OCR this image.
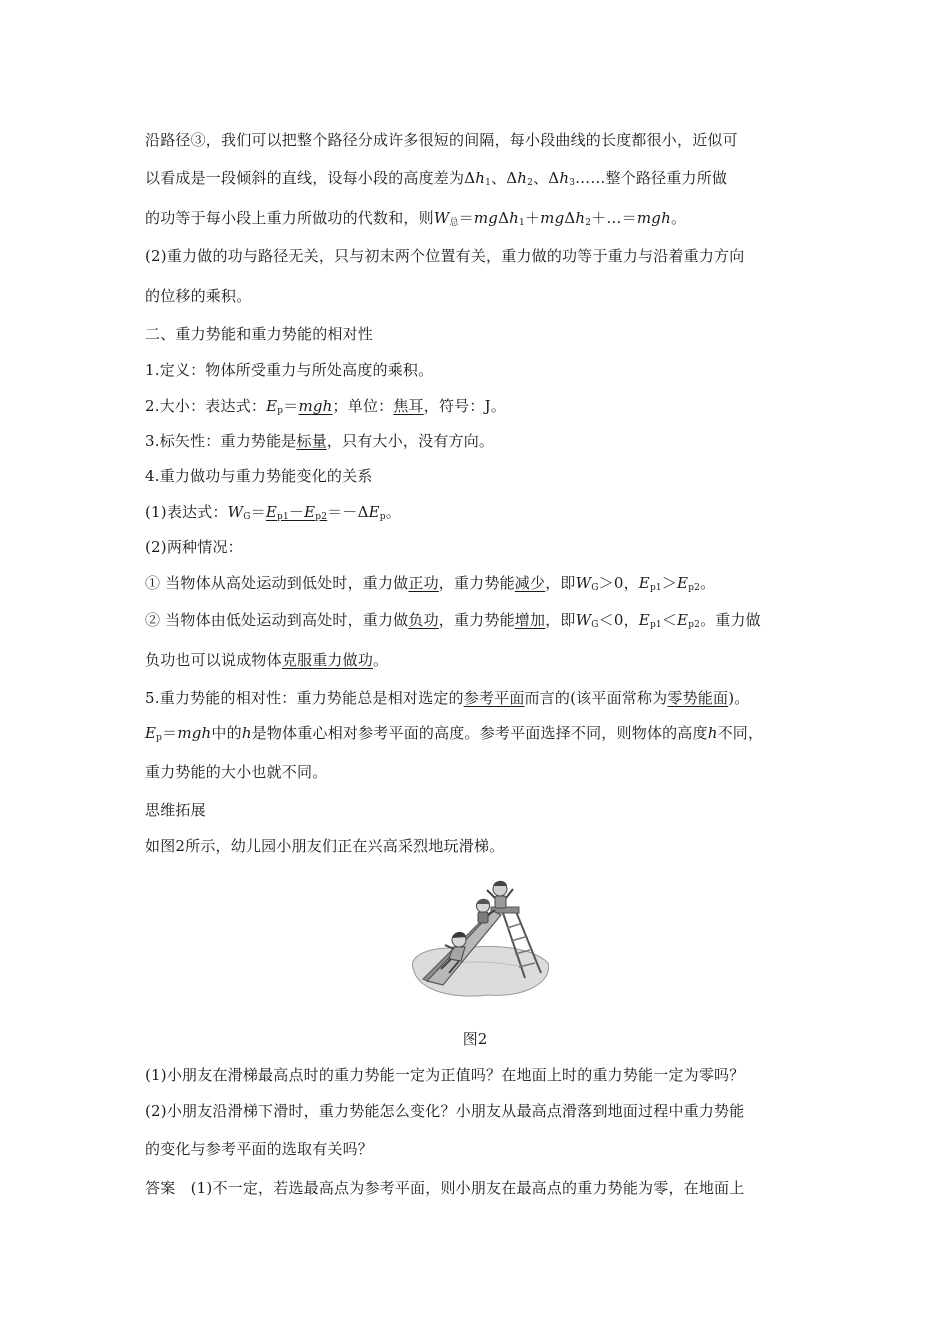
沿路径③，我们可以把整个路径分成许多很短的间隔，每小段曲线的长度都很小，近似可
以看成是一段倾斜的直线，设每小段的高度差为$\Delta h_1$、$\Delta h_2$、$\Delta h_3\dots\dots$整个路径重力所做
的功等于每小段上重力所做功的代数和，则$W_总=mg\Delta h_1+mg\Delta h_2+\dots=mgh$。
(2)重力做的功与路径无关，只与初末两个位置有关，重力做的功等于重力与沿着重力方向
的位移的乘积。
二、重力势能和重力势能的相对性
1.定义：物体所受重力与所处高度的乘积。
2.大小：表达式：$E_p=mgh$；单位：焦耳，符号：J。
3.标矢性：重力势能是标量，只有大小，没有方向。
4.重力做功与重力势能变化的关系
(1)表达式：$W_G=E_{p1}-E_{p2}=-\Delta E_p$。
(2)两种情况：
① 当物体从高处运动到低处时，重力做正功，重力势能减少，即$W_G>0$，$E_{p1}>E_{p2}$。
② 当物体由低处运动到高处时，重力做负功，重力势能增加，即$W_G<0$，$E_{p1}<E_{p2}$。重力做
负功也可以说成物体克服重力做功。
5.重力势能的相对性：重力势能总是相对选定的参考平面而言的(该平面常称为零势能面)。
$E_p=mgh$中的h是物体重心相对参考平面的高度。参考平面选择不同，则物体的高度h不同，
重力势能的大小也就不同。
思维拓展
如图2所示，幼儿园小朋友们正在兴高采烈地玩滑梯。
图2
(1)小朋友在滑梯最高点时的重力势能一定为正值吗？在地面上时的重力势能一定为零吗？
(2)小朋友沿滑梯下滑时，重力势能怎么变化？小朋友从最高点滑落到地面过程中重力势能
的变化与参考平面的选取有关吗？
答案　(1)不一定，若选最高点为参考平面，则小朋友在最高点的重力势能为零，在地面上
